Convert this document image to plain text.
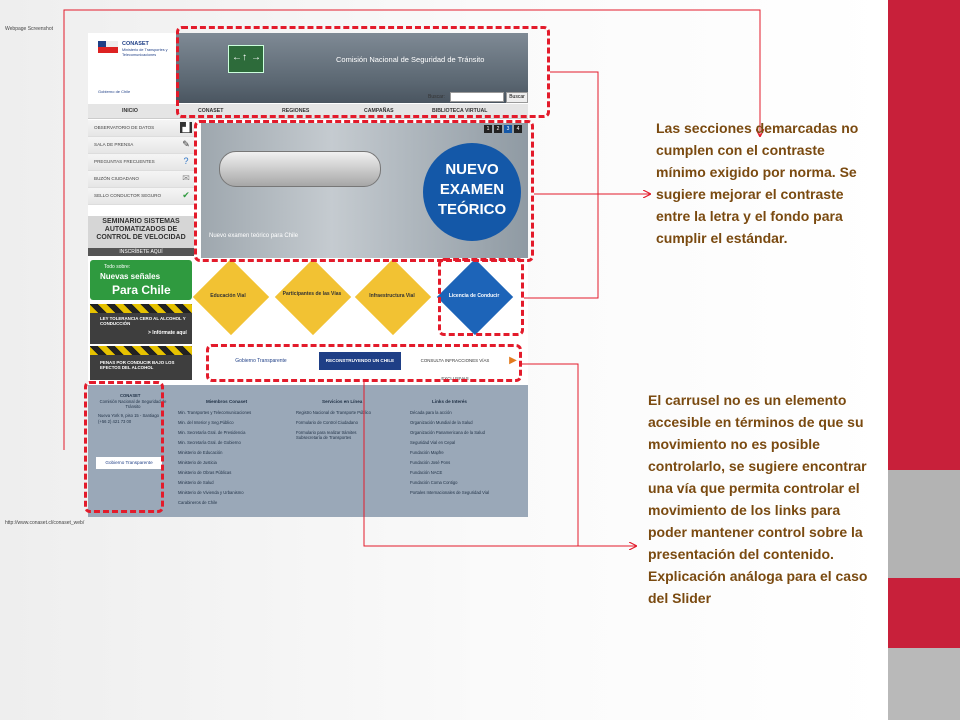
Webpage Screenshot
http://www.conaset.cl/conaset_web/
CONASET
Ministerio de Transportes y Telecomunicaciones
Gobierno de Chile
← ↑ →	Comisión Nacional de Seguridad de Tránsito
Buscar:	Buscar
INICIO	CONASET	REGIONES	CAMPAÑAS	BIBLIOTECA VIRTUAL
OBSERVATORIO DE DATOS	▟
SALA DE PRENSA	✎
?
PREGUNTAS FRECUENTES
BUZÓN CIUDADANO	✉
SELLO CONDUCTOR SEGURO ✔
SEMINARIO SISTEMAS AUTOMATIZADOS DE CONTROL DE VELOCIDAD
INSCRÍBETE AQUÍ
Todo sobre:
Nuevas señales
Para Chile
LEY TOLERANCIA CERO AL ALCOHOL Y CONDUCCIÓN
> Infórmate aquí
PENAS POR CONDUCIR BAJO LOS EFECTOS DEL ALCOHOL
1	2	3	4
NUEVO
EXAMEN
TEÓRICO
Nuevo examen teórico para Chile
Educación Vial	Participantes de las Vías	Infraestructura Vial	Licencia de Conducir
Gobierno Transparente	RECONSTRUYENDO UN CHILE MEJOR
CONSULTA INFRACCIONES VÍAS EXCLUSIVAS
▶
CONASET
Comisión Nacional de Seguridad de Tránsito
Nueva York 9, piso 15 - Santiago
(+56 2) 421 73 00
Gobierno Transparente
Miembros Conaset
Min. Transportes y Telecomunicaciones
Min. del Interior y Seg.Público
Min. Secretaría Gral. de Presidencia
Min. Secretaría Gral. de Gobierno
Ministerio de Educación
Ministerio de Justicia
Ministerio de Obras Públicas
Ministerio de Salud
Ministerio de Vivienda y Urbanismo
Carabineros de Chile
Servicios en Línea
Registro Nacional de Transporte Público
Formulario de Control Ciudadano
Formulario para realizar trámites Subsecretaría de Transportes
Links de Interés
Década para la acción
Organización Mundial de la Salud
Organización Panamericana de la Salud
Seguridad Vial en Cepal
Fundación Mapfre
Fundación José Pons
Fundación NACE
Fundación Coma Contigo
Portales Internacionales de Seguridad Vial

Las secciones demarcadas no cumplen con el contraste mínimo exigido por norma. Se sugiere mejorar el contraste entre la letra y el fondo para cumplir el estándar.

El carrusel no es un elemento accesible en términos de que su movimiento no es posible controlarlo, se sugiere encontrar una vía que permita controlar el movimiento de los links para poder mantener control sobre la presentación del contenido. Explicación análoga para el caso del Slider
